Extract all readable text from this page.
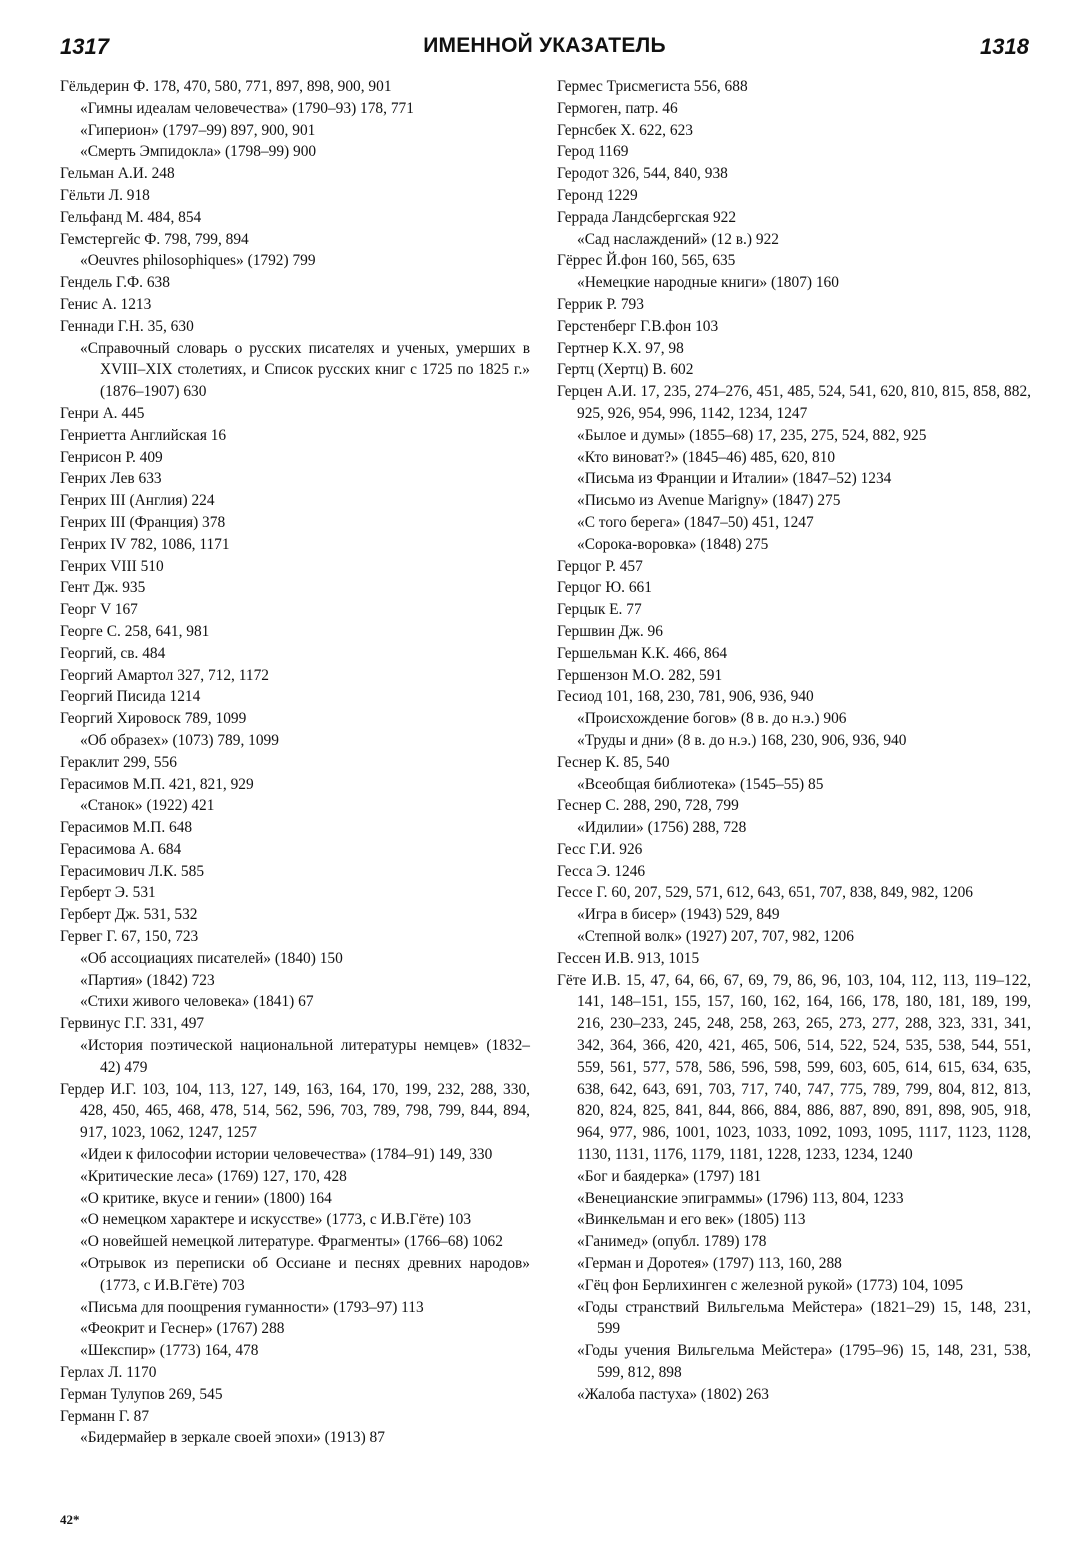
1317	ИМЕННОЙ УКАЗАТЕЛЬ	1318
Гёльдерин Ф. 178, 470, 580, 771, 897, 898, 900, 901
«Гимны идеалам человечества» (1790–93) 178, 771
«Гиперион» (1797–99) 897, 900, 901
«Смерть Эмпидокла» (1798–99) 900
Гельман А.И. 248
Гёльти Л. 918
Гельфанд М. 484, 854
Гемстергейс Ф. 798, 799, 894
«Oeuvres philosophiques» (1792) 799
Гендель Г.Ф. 638
Генис А. 1213
Геннади Г.Н. 35, 630
«Справочный словарь о русских писателях и ученых, умерших в XVIII–XIX столетиях, и Список русских книг с 1725 по 1825 г.» (1876–1907) 630
Генри А. 445
Генриетта Английская 16
Генрисон Р. 409
Генрих Лев 633
Генрих III (Англия) 224
Генрих III (Франция) 378
Генрих IV 782, 1086, 1171
Генрих VIII 510
Гент Дж. 935
Георг V 167
Георге С. 258, 641, 981
Георгий, св. 484
Георгий Амартол 327, 712, 1172
Георгий Писида 1214
Георгий Хировоск 789, 1099
«Об образех» (1073) 789, 1099
Гераклит 299, 556
Герасимов М.П. 421, 821, 929
«Станок» (1922) 421
Герасимов М.П. 648
Герасимова А. 684
Герасимович Л.К. 585
Герберт Э. 531
Герберт Дж. 531, 532
Гервег Г. 67, 150, 723
«Об ассоциациях писателей» (1840) 150
«Партия» (1842) 723
«Стихи живого человека» (1841) 67
Гервинус Г.Г. 331, 497
«История поэтической национальной литературы немцев» (1832–42) 479
Гердер И.Г. 103, 104, 113, 127, 149, 163, 164, 170, 199, 232, 288, 330, 428, 450, 465, 468, 478, 514, 562, 596, 703, 789, 798, 799, 844, 894, 917, 1023, 1062, 1247, 1257
«Идеи к философии истории человечества» (1784–91) 149, 330
«Критические леса» (1769) 127, 170, 428
«О критике, вкусе и гении» (1800) 164
«О немецком характере и искусстве» (1773, с И.В.Гёте) 103
«О новейшей немецкой литературе. Фрагменты» (1766–68) 1062
«Отрывок из переписки об Оссиане и песнях древних народов» (1773, с И.В.Гёте) 703
«Письма для поощрения гуманности» (1793–97) 113
«Феокрит и Геснер» (1767) 288
«Шекспир» (1773) 164, 478
Герлах Л. 1170
Герман Тулупов 269, 545
Германн Г. 87
«Бидермайер в зеркале своей эпохи» (1913) 87
Гермес Трисмегиста 556, 688
Гермоген, патр. 46
Гернсбек Х. 622, 623
Герод 1169
Геродот 326, 544, 840, 938
Геронд 1229
Геррада Ландсбергская 922
«Сад наслаждений» (12 в.) 922
Гёррес Й.фон 160, 565, 635
«Немецкие народные книги» (1807) 160
Геррик Р. 793
Герстенберг Г.В.фон 103
Гертнер К.Х. 97, 98
Гертц (Хертц) В. 602
Герцен А.И. 17, 235, 274–276, 451, 485, 524, 541, 620, 810, 815, 858, 882, 925, 926, 954, 996, 1142, 1234, 1247
«Былое и думы» (1855–68) 17, 235, 275, 524, 882, 925
«Кто виноват?» (1845–46) 485, 620, 810
«Письма из Франции и Италии» (1847–52) 1234
«Письмо из Avenue Marigny» (1847) 275
«С того берега» (1847–50) 451, 1247
«Сорока-воровка» (1848) 275
Герцог Р. 457
Герцог Ю. 661
Герцык Е. 77
Гершвин Дж. 96
Гершельман К.К. 466, 864
Гершензон М.О. 282, 591
Гесиод 101, 168, 230, 781, 906, 936, 940
«Происхождение богов» (8 в. до н.э.) 906
«Труды и дни» (8 в. до н.э.) 168, 230, 906, 936, 940
Геснер К. 85, 540
«Всеобщая библиотека» (1545–55) 85
Геснер С. 288, 290, 728, 799
«Идилии» (1756) 288, 728
Гесс Г.И. 926
Гесса Э. 1246
Гессе Г. 60, 207, 529, 571, 612, 643, 651, 707, 838, 849, 982, 1206
«Игра в бисер» (1943) 529, 849
«Степной волк» (1927) 207, 707, 982, 1206
Гессен И.В. 913, 1015
Гёте И.В. 15, 47, 64, 66, 67, 69, 79, 86, 96, 103, 104, 112, 113, 119–122, 141, 148–151, 155, 157, 160, 162, 164, 166, 178, 180, 181, 189, 199, 216, 230–233, 245, 248, 258, 263, 265, 273, 277, 288, 323, 331, 341, 342, 364, 366, 420, 421, 465, 506, 514, 522, 524, 535, 538, 544, 551, 559, 561, 577, 578, 586, 596, 598, 599, 603, 605, 614, 615, 634, 635, 638, 642, 643, 691, 703, 717, 740, 747, 775, 789, 799, 804, 812, 813, 820, 824, 825, 841, 844, 866, 884, 886, 887, 890, 891, 898, 905, 918, 964, 977, 986, 1001, 1023, 1033, 1092, 1093, 1095, 1117, 1123, 1128, 1130, 1131, 1176, 1179, 1181, 1228, 1233, 1234, 1240
«Бог и баядерка» (1797) 181
«Венецианские эпиграммы» (1796) 113, 804, 1233
«Винкельман и его век» (1805) 113
«Ганимед» (опубл. 1789) 178
«Герман и Доротея» (1797) 113, 160, 288
«Гёц фон Берлихинген с железной рукой» (1773) 104, 1095
«Годы странствий Вильгельма Мейстера» (1821–29) 15, 148, 231, 599
«Годы учения Вильгельма Мейстера» (1795–96) 15, 148, 231, 538, 599, 812, 898
«Жалоба пастуха» (1802) 263
42*
